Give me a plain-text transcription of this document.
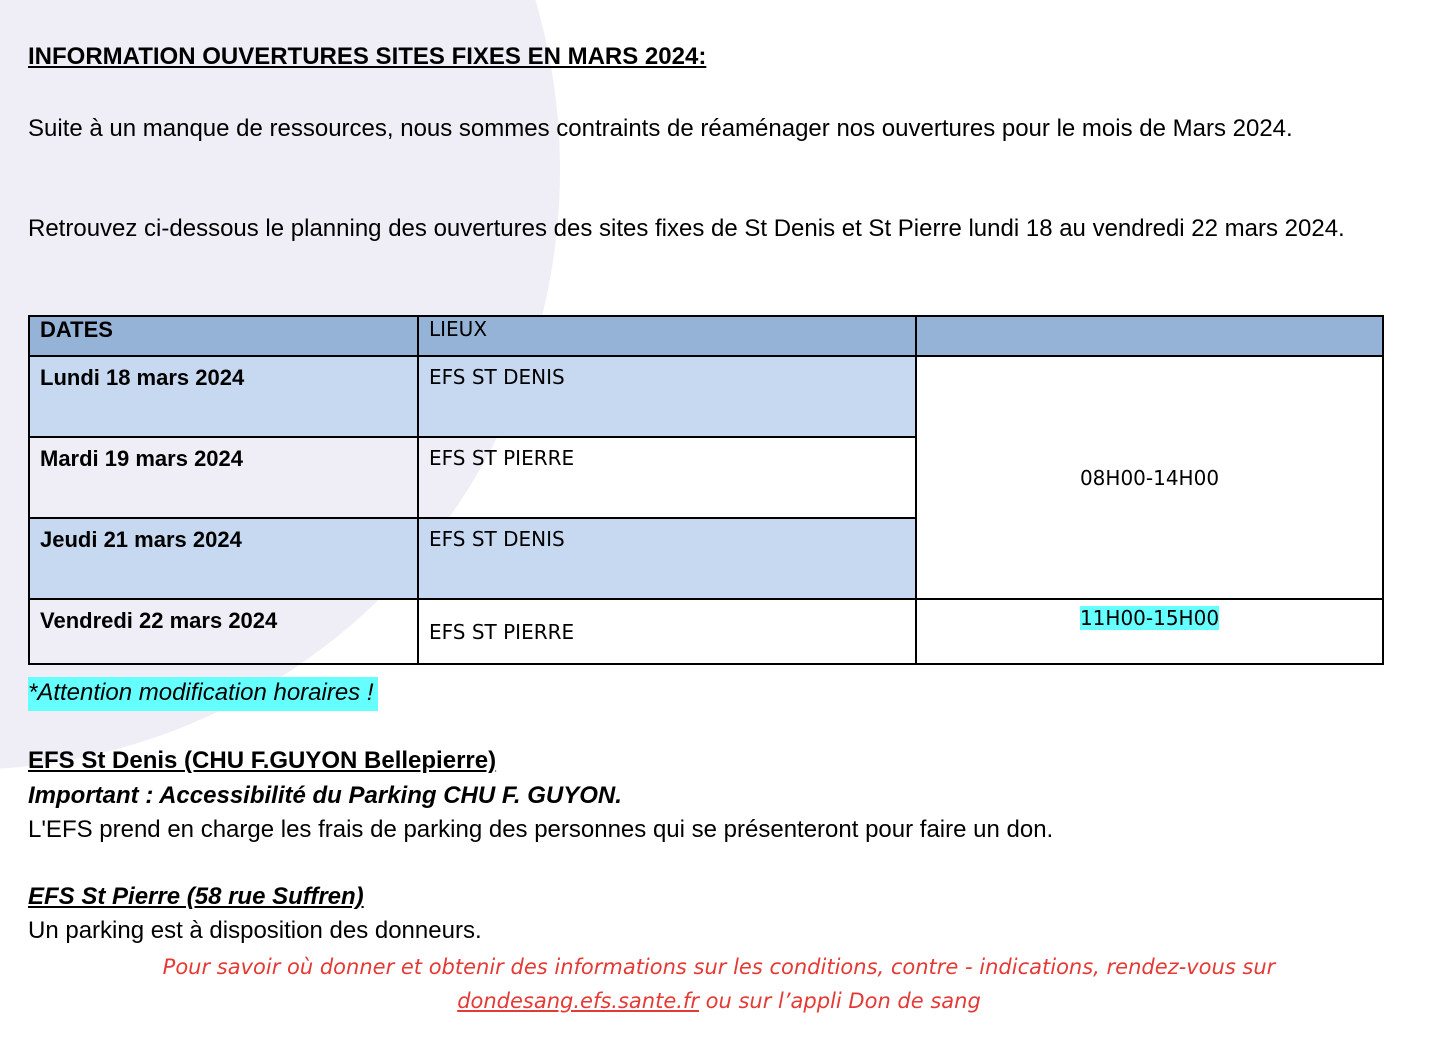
INFORMATION OUVERTURES SITES FIXES EN MARS 2024:
Suite à un manque de ressources, nous sommes contraints de réaménager nos ouvertures pour le mois de Mars 2024.
Retrouvez ci-dessous le planning des ouvertures des sites fixes de St Denis et St Pierre lundi 18 au vendredi 22 mars 2024.
DATES	LIEUX	
Lundi 18 mars 2024	EFS ST DENIS	08H00-14H00
Mardi 19 mars 2024	EFS ST PIERRE	
Jeudi 21 mars 2024	EFS ST DENIS	
Vendredi 22 mars 2024	EFS ST PIERRE	11H00-15H00
*Attention modification horaires !
EFS St Denis (CHU F.GUYON Bellepierre)
Important : Accessibilité du Parking CHU F. GUYON.
L'EFS prend en charge les frais de parking des personnes qui se présenteront pour faire un don.
EFS St Pierre (58 rue Suffren)
Un parking est à disposition des donneurs.
Pour savoir où donner et obtenir des informations sur les conditions, contre - indications, rendez-vous sur
dondesang.efs.sante.fr ou sur l’appli Don de sang
